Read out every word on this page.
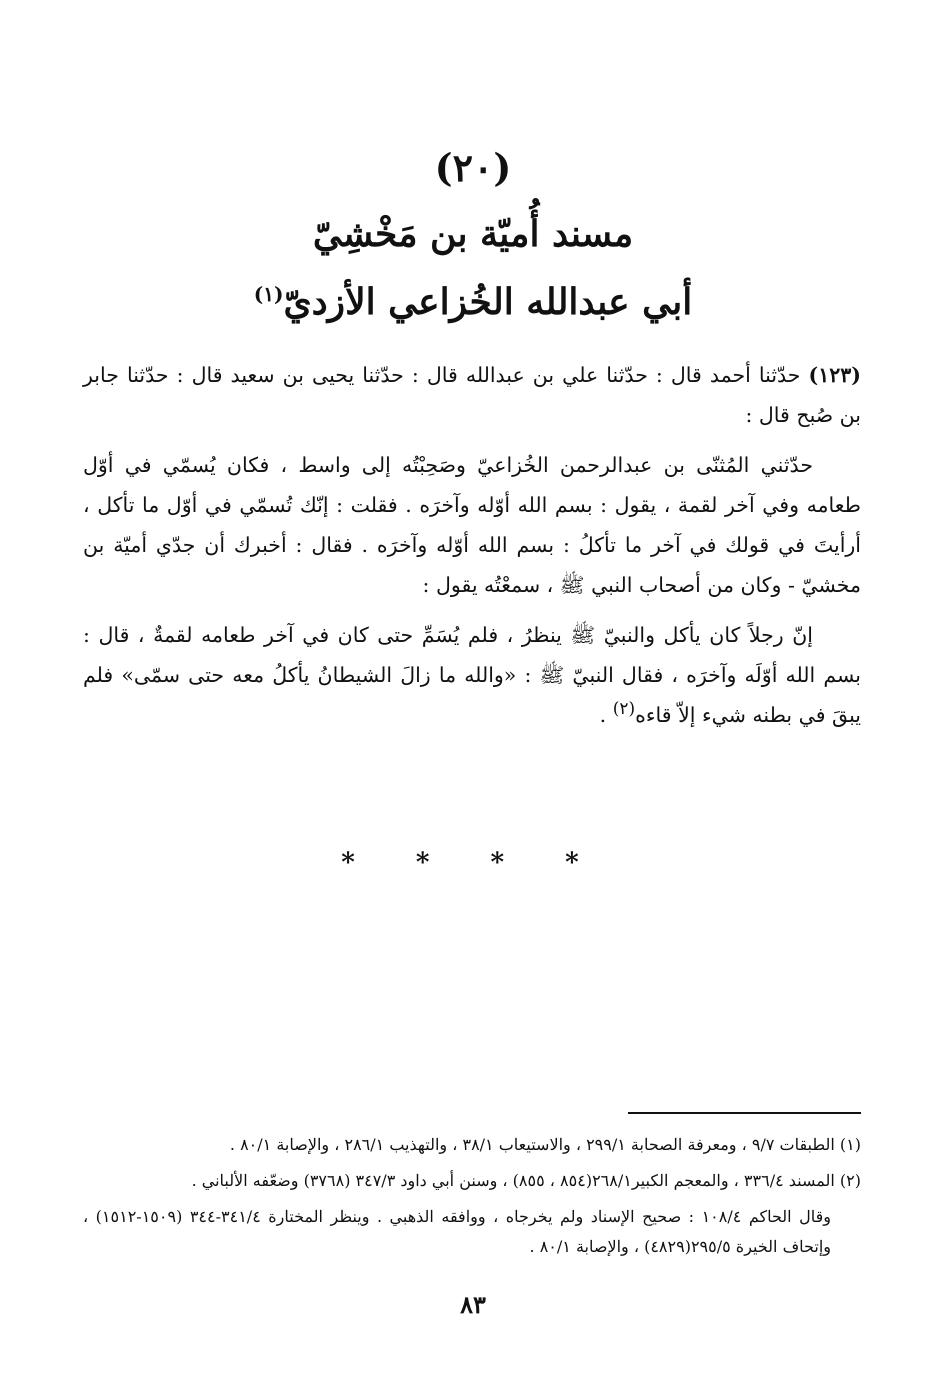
(٢٠)
مسند أُميّة بن مَخْشِيّ
أبي عبدالله الخُزاعي الأزديّ$^{(١)}$

(١٢٣) حدّثنا أحمد قال : حدّثنا علي بن عبدالله قال : حدّثنا يحيى بن سعيد قال : حدّثنا جابر بن صُبح قال :

حدّثني المُثنّى بن عبدالرحمن الخُزاعيّ وصَحِبْتُه إلى واسط ، فكان يُسمّي في أوّل طعامه وفي آخر لقمة ، يقول : بسم الله أوّله وآخرَه . فقلت : إنّك تُسمّي في أوّل ما تأكل ، أرأيتَ في قولك في آخر ما تأكلُ : بسم الله أوّله وآخرَه . فقال : أخبرك أن جدّي أميّة بن مخشيّ - وكان من أصحاب النبي ﷺ ، سمعْتُه يقول :

إنّ رجلاً كان يأكل والنبيّ ﷺ ينظرُ ، فلم يُسَمِّ حتى كان في آخر طعامه لقمةٌ ، قال : بسم الله أوّلَه وآخرَه ، فقال النبيّ ﷺ : «والله ما زالَ الشيطانُ يأكلُ معه حتى سمّى» فلم يبقَ في بطنه شيء إلاّ قاءه$^{(٢)}$ .

* * * *

(١) الطبقات ٩/٧ ، ومعرفة الصحابة ٢٩٩/١ ، والاستيعاب ٣٨/١ ، والتهذيب ٢٨٦/١ ، والإصابة ٨٠/١ .

(٢) المسند ٣٣٦/٤ ، والمعجم الكبير٢٦٨/١(٨٥٤ ، ٨٥٥) ، وسنن أبي داود ٣٤٧/٣ (٣٧٦٨) وضعّفه الألباني .

وقال الحاكم ١٠٨/٤ : صحيح الإسناد ولم يخرجاه ، ووافقه الذهبي . وينظر المختارة ٣٤١/٤-٣٤٤ (١٥٠٩-١٥١٢) ، وإتحاف الخيرة ٢٩٥/٥(٤٨٢٩) ، والإصابة ٨٠/١ .

٨٣
